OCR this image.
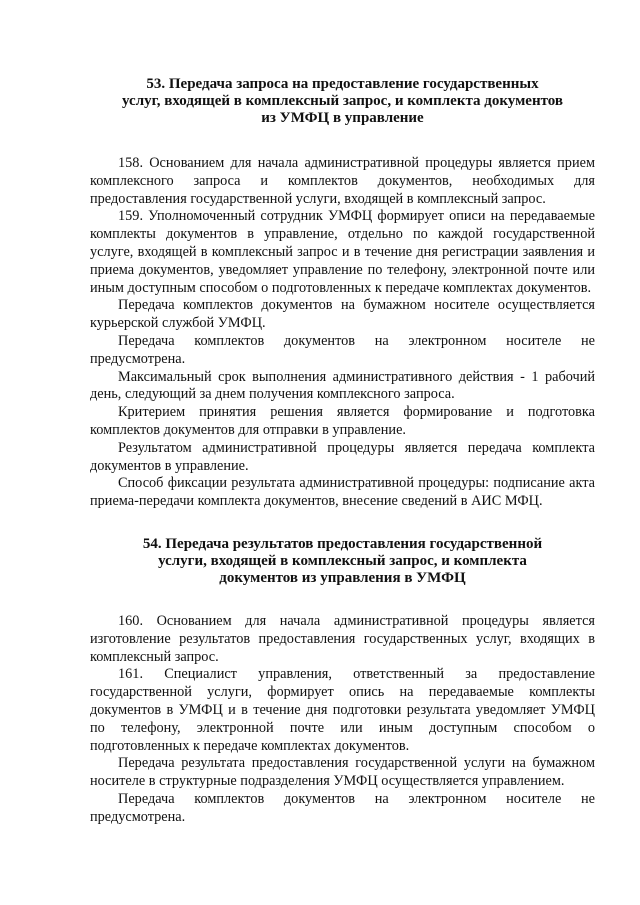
53. Передача запроса на предоставление государственных
услуг, входящей в комплексный запрос, и комплекта документов
из УМФЦ в управление

158. Основанием для начала административной процедуры является прием комплексного запроса и комплектов документов, необходимых для предоставления государственной услуги, входящей в комплексный запрос.

159. Уполномоченный сотрудник УМФЦ формирует описи на передаваемые комплекты документов в управление, отдельно по каждой государственной услуге, входящей в комплексный запрос и в течение дня регистрации заявления и приема документов, уведомляет управление по телефону, электронной почте или иным доступным способом о подготовленных к передаче комплектах документов.

Передача комплектов документов на бумажном носителе осуществляется курьерской службой УМФЦ.

Передача комплектов документов на электронном носителе не предусмотрена.

Максимальный срок выполнения административного действия - 1 рабочий день, следующий за днем получения комплексного запроса.

Критерием принятия решения является формирование и подготовка комплектов документов для отправки в управление.

Результатом административной процедуры является передача комплекта документов в управление.

Способ фиксации результата административной процедуры: подписание акта приема-передачи комплекта документов, внесение сведений в АИС МФЦ.

54. Передача результатов предоставления государственной
услуги, входящей в комплексный запрос, и комплекта
документов из управления в УМФЦ

160. Основанием для начала административной процедуры является изготовление результатов предоставления государственных услуг, входящих в комплексный запрос.

161. Специалист управления, ответственный за предоставление государственной услуги, формирует опись на передаваемые комплекты документов в УМФЦ и в течение дня подготовки результата уведомляет УМФЦ по телефону, электронной почте или иным доступным способом о подготовленных к передаче комплектах документов.

Передача результата предоставления государственной услуги на бумажном носителе в структурные подразделения УМФЦ осуществляется управлением.

Передача комплектов документов на электронном носителе не предусмотрена.
